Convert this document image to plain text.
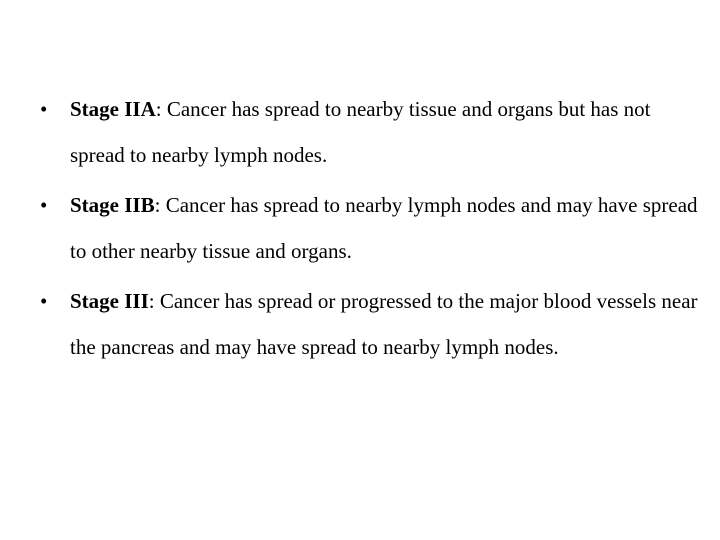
• Stage IIA: Cancer has spread to nearby tissue and organs but has not spread to nearby lymph nodes.
• Stage IIB: Cancer has spread to nearby lymph nodes and may have spread to other nearby tissue and organs.
• Stage III: Cancer has spread or progressed to the major blood vessels near the pancreas and may have spread to nearby lymph nodes.
